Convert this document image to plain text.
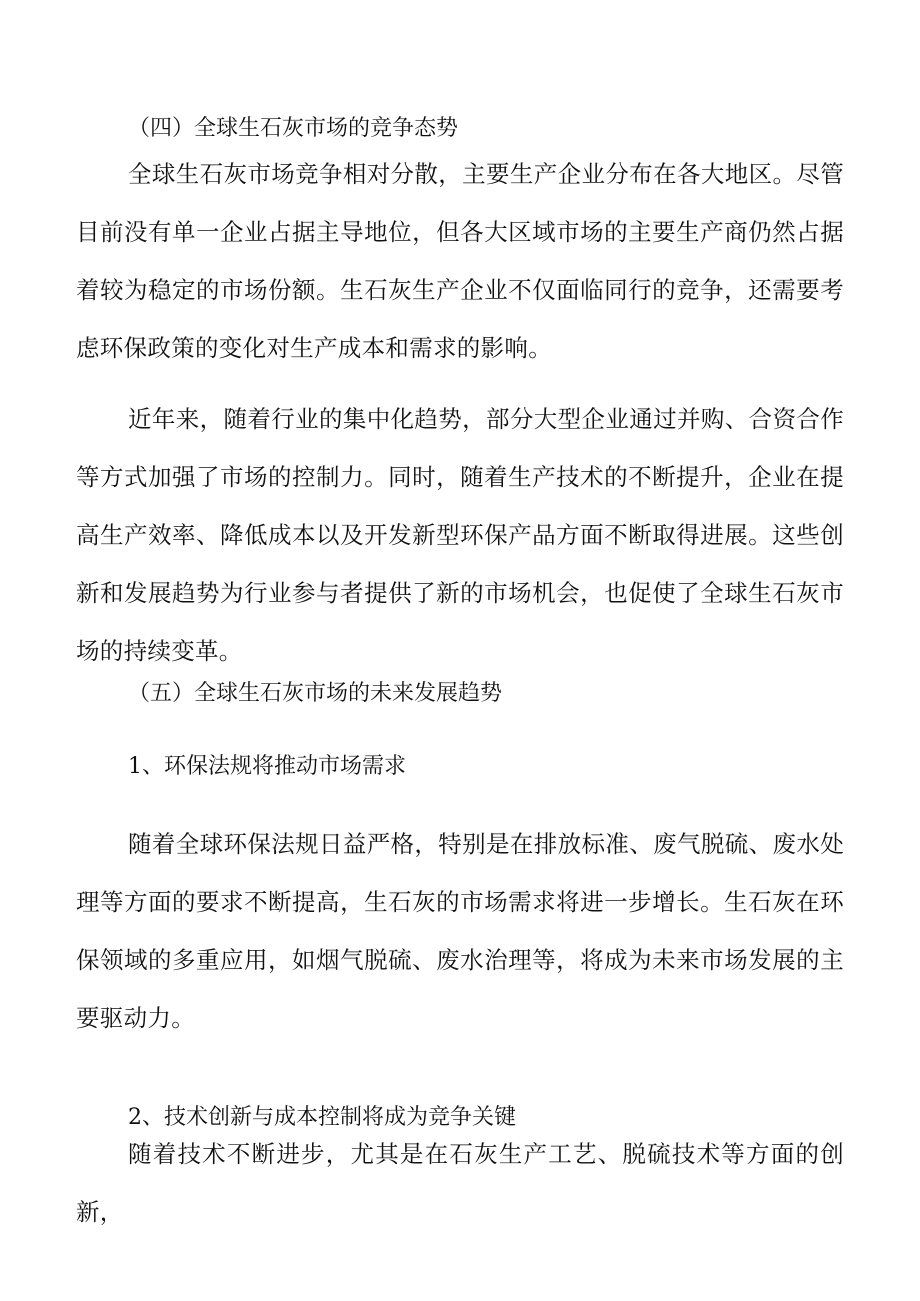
（四）全球生石灰市场的竞争态势

全球生石灰市场竞争相对分散，主要生产企业分布在各大地区。尽管目前没有单一企业占据主导地位，但各大区域市场的主要生产商仍然占据着较为稳定的市场份额。生石灰生产企业不仅面临同行的竞争，还需要考虑环保政策的变化对生产成本和需求的影响。

近年来，随着行业的集中化趋势，部分大型企业通过并购、合资合作等方式加强了市场的控制力。同时，随着生产技术的不断提升，企业在提高生产效率、降低成本以及开发新型环保产品方面不断取得进展。这些创新和发展趋势为行业参与者提供了新的市场机会，也促使了全球生石灰市场的持续变革。

（五）全球生石灰市场的未来发展趋势
1、环保法规将推动市场需求

随着全球环保法规日益严格，特别是在排放标准、废气脱硫、废水处理等方面的要求不断提高，生石灰的市场需求将进一步增长。生石灰在环保领域的多重应用，如烟气脱硫、废水治理等，将成为未来市场发展的主要驱动力。

2、技术创新与成本控制将成为竞争关键

随着技术不断进步，尤其是在石灰生产工艺、脱硫技术等方面的创新，
